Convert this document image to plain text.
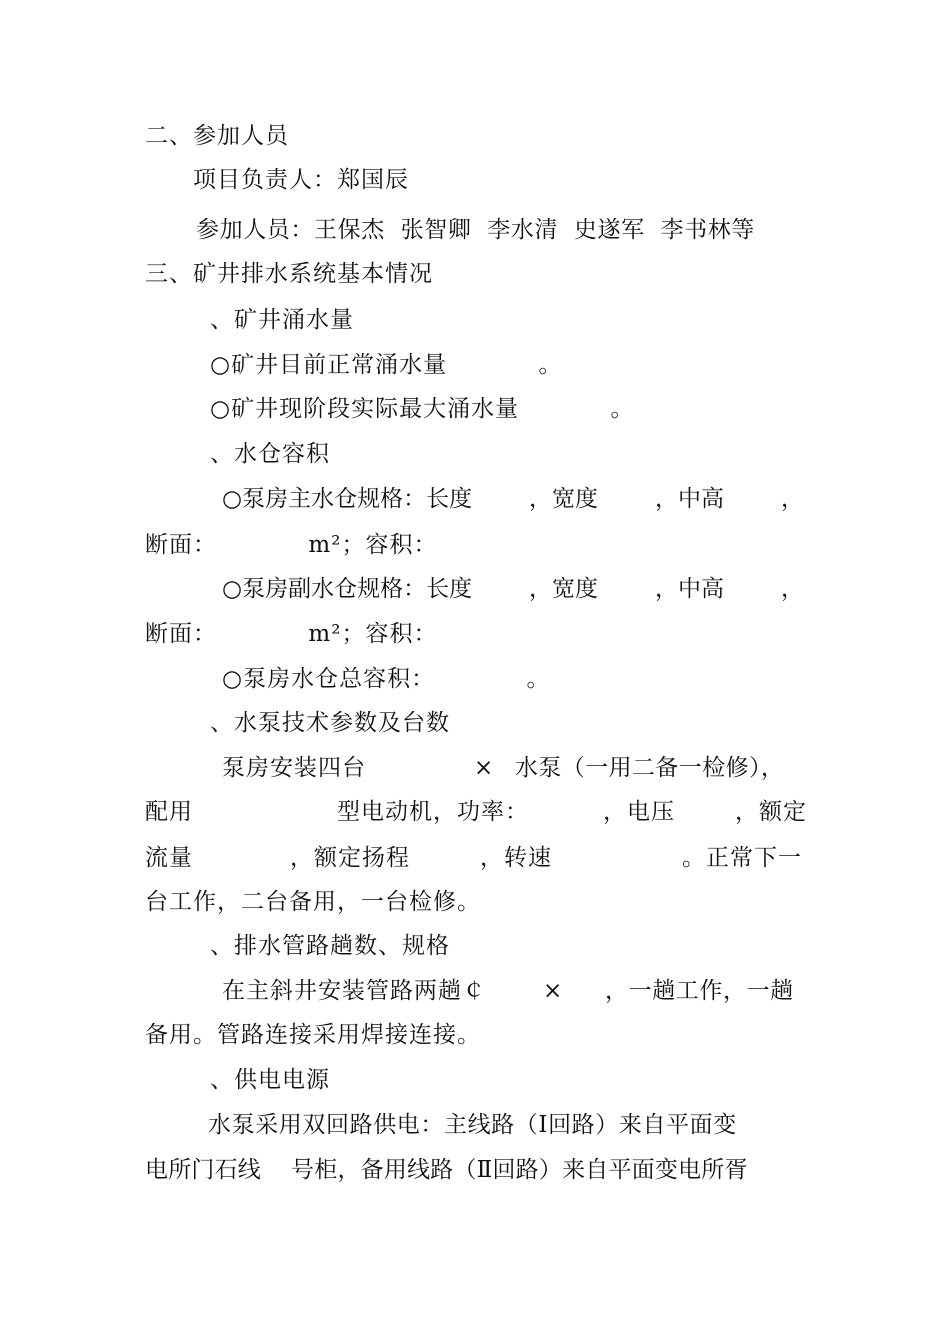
二、参加人员
项目负责人：郑国辰
参加人员：王保杰  张智卿  李水清  史遂军  李书林等
三、矿井排水系统基本情况
、矿井涌水量
○矿井目前正常涌水量           。
○矿井现阶段实际最大涌水量           。
、水仓容积
○泵房主水仓规格：长度 ，宽度 ，中高 ，
断面：           m²；容积：
○泵房副水仓规格：长度 ，宽度 ，中高 ，
断面：           m²；容积：
○泵房水仓总容积：           。
、水泵技术参数及台数
泵房安装四台	× 水泵（一用二备一检修），
配用	型电动机，功率：	，电压	，额定
流量	，额定扬程	，转速	。正常下一
台工作，二台备用，一台检修。
、排水管路趟数、规格
在主斜井安装管路两趟￠ × ，一趟工作，一趟
备用。管路连接采用焊接连接。
、供电电源
水泵采用双回路供电：主线路（Ⅰ回路）来自平面变
电所门石线    号柜，备用线路（Ⅱ回路）来自平面变电所胥
